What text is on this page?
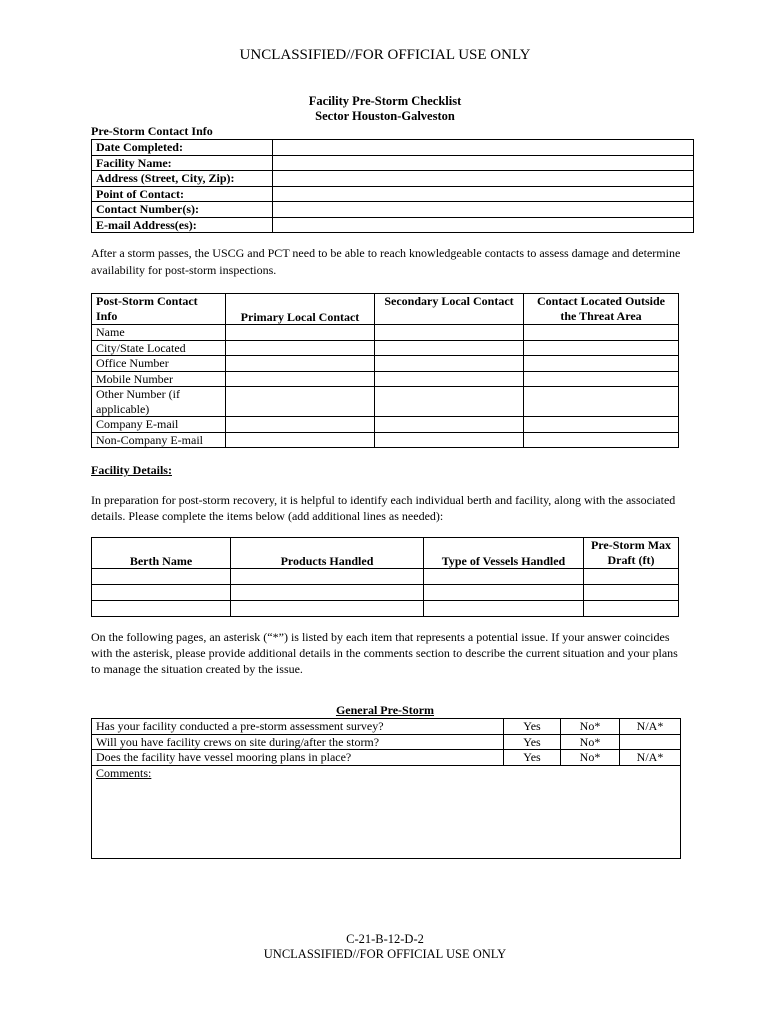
UNCLASSIFIED//FOR OFFICIAL USE ONLY
Facility Pre-Storm Checklist
Sector Houston-Galveston
Pre-Storm Contact Info
Date Completed:	
Facility Name:	
Address (Street, City, Zip):	
Point of Contact:	
Contact Number(s):	
E-mail Address(es):	
After a storm passes, the USCG and PCT need to be able to reach knowledgeable contacts to assess damage and determine availability for post-storm inspections.
Post-Storm Contact Info	Primary Local Contact	Secondary Local Contact	Contact Located Outside the Threat Area
Name			
City/State Located			
Office Number			
Mobile Number			
Other Number (if applicable)			
Company E-mail			
Non-Company E-mail			
Facility Details:
In preparation for post-storm recovery, it is helpful to identify each individual berth and facility, along with the associated details. Please complete the items below (add additional lines as needed):
Berth Name	Products Handled	Type of Vessels Handled	Pre-Storm Max Draft (ft)

On the following pages, an asterisk (“*”) is listed by each item that represents a potential issue. If your answer coincides with the asterisk, please provide additional details in the comments section to describe the current situation and your plans to manage the situation created by the issue.
General Pre-Storm
Has your facility conducted a pre-storm assessment survey?	Yes	No*	N/A*
Will you have facility crews on site during/after the storm?	Yes	No*	
Does the facility have vessel mooring plans in place?	Yes	No*	N/A*
Comments:			
C-21-B-12-D-2
UNCLASSIFIED//FOR OFFICIAL USE ONLY
